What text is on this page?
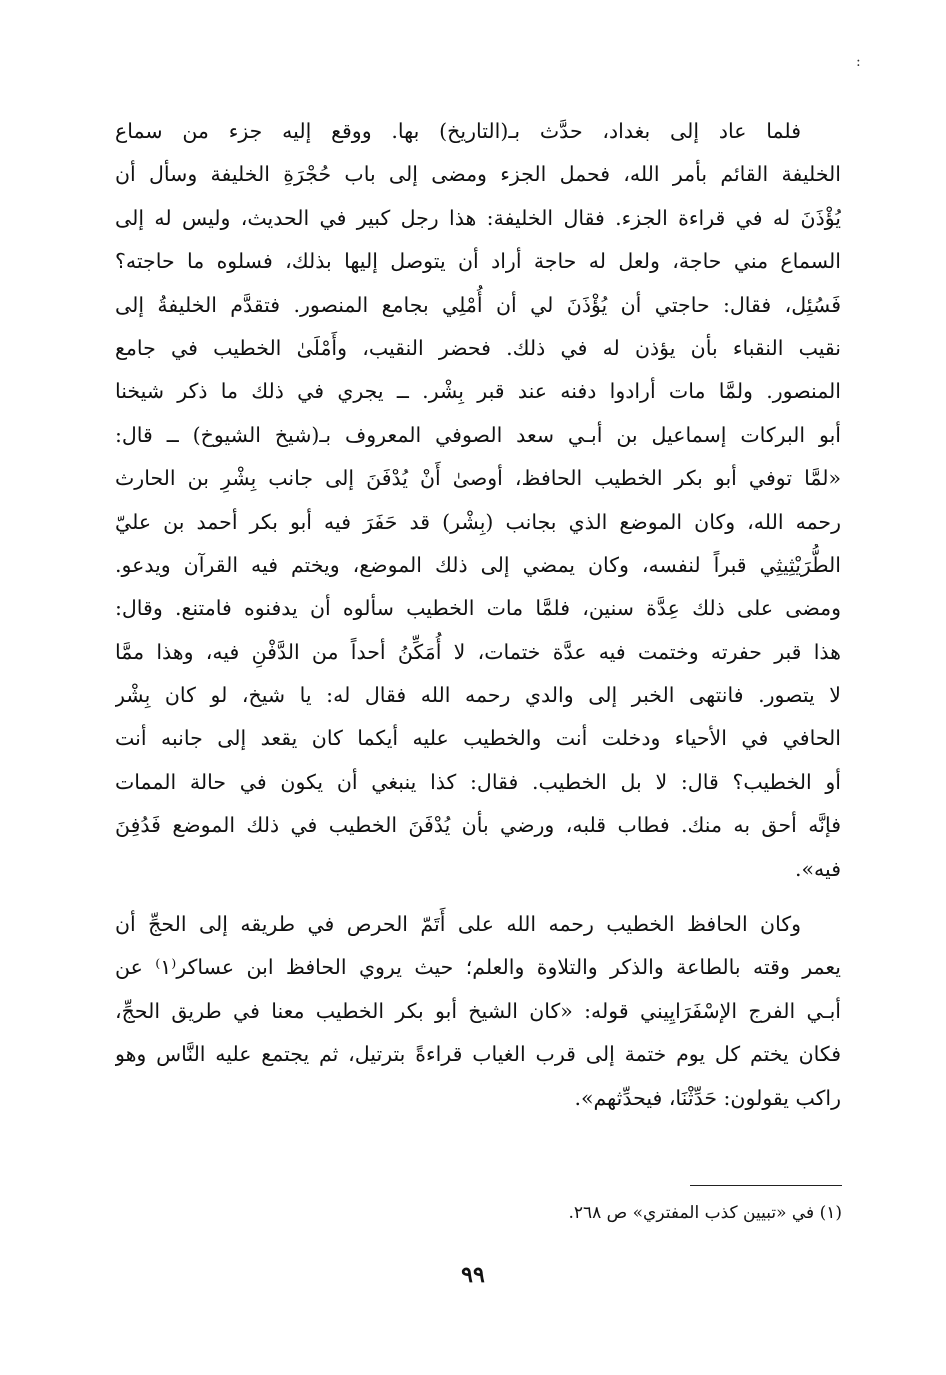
:
فلما عاد إلى بغداد، حدَّث بـ(التاريخ) بها. ووقع إليه جزء من سماع
الخليفة القائم بأمر الله، فحمل الجزء ومضى إلى باب حُجْرَةِ الخليفة وسأل أن
يُؤْذَنَ له في قراءة الجزء. فقال الخليفة: هذا رجل كبير في الحديث، وليس له إلى
السماع مني حاجة، ولعل له حاجة أراد أن يتوصل إليها بذلك، فسلوه ما حاجته؟
فَسُئِل، فقال: حاجتي أن يُؤْذَنَ لي أن أُمْلِي بجامع المنصور. فتقدَّم الخليفةُ إلى
نقيب النقباء بأن يؤذن له في ذلك. فحضر النقيب، وأَمْلَىٰ الخطيب في جامع
المنصور. ولمَّا مات أرادوا دفنه عند قبر بِشْر. ــ يجري في ذلك ما ذكر شيخنا
أبو البركات إسماعيل بن أبـي سعد الصوفي المعروف بـ(شيخ الشيوخ) ــ قال:
«لمَّا توفي أبو بكر الخطيب الحافظ، أوصىٰ أَنْ يُدْفَنَ إلى جانب بِشْرِ بن الحارث
رحمه الله، وكان الموضع الذي بجانب (بِشْر) قد حَفَرَ فيه أبو بكر أحمد بن عليّ
الطُّرَيْثِيثِي قبراً لنفسه، وكان يمضي إلى ذلك الموضع، ويختم فيه القرآن ويدعو.
ومضى على ذلك عِدَّة سنين، فلمَّا مات الخطيب سألوه أن يدفنوه فامتنع. وقال:
هذا قبر حفرته وختمت فيه عدَّة ختمات، لا أُمَكِّنُ أحداً من الدَّفْنِ فيه، وهذا ممَّا
لا يتصور. فانتهى الخبر إلى والدي رحمه الله فقال له: يا شيخ، لو كان بِشْر
الحافي في الأحياء ودخلت أنت والخطيب عليه أيكما كان يقعد إلى جانبه أنت
أو الخطيب؟ قال: لا بل الخطيب. فقال: كذا ينبغي أن يكون في حالة الممات
فإنَّه أحق به منك. فطاب قلبه، ورضي بأن يُدْفَنَ الخطيب في ذلك الموضع فَدُفِنَ
فيه».
وكان الحافظ الخطيب رحمه الله على أَتَمّ الحرص في طريقه إلى الحجِّ أن
يعمر وقته بالطاعة والذكر والتلاوة والعلم؛ حيث يروي الحافظ ابن عساكر⁽١⁾ عن
أبـي الفرج الإسْفَرَايِيني قوله: «كان الشيخ أبو بكر الخطيب معنا في طريق الحجِّ،
فكان يختم كل يوم ختمة إلى قرب الغياب قراءةً بترتيل، ثم يجتمع عليه النَّاس وهو
راكب يقولون: حَدِّثْنَا، فيحدِّثهم».
(١) في «تبيين كذب المفتري» ص ٢٦٨.
٩٩
